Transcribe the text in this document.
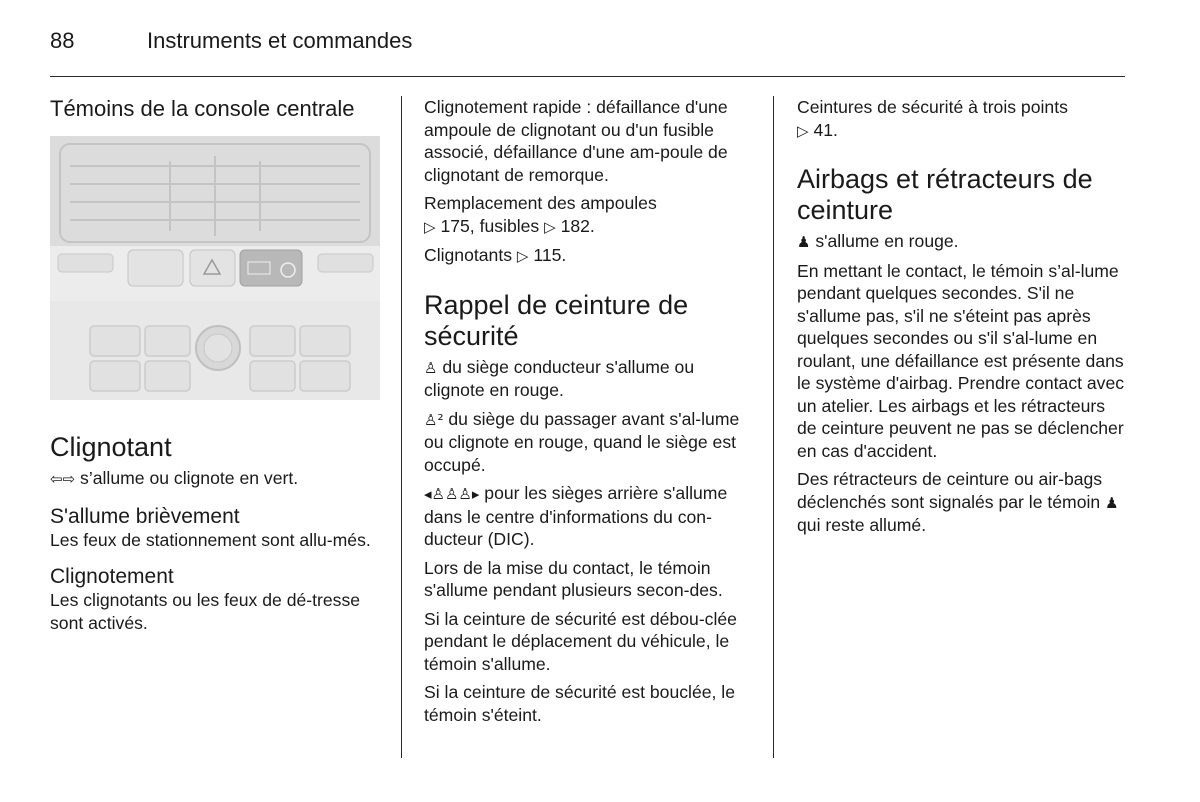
88	Instruments et commandes
Témoins de la console centrale
Clignotant

⇦⇨ s’allume ou clignote en vert.

S'allume brièvement

Les feux de stationnement sont allu-més.

Clignotement

Les clignotants ou les feux de dé-tresse sont activés.

Clignotement rapide : défaillance d'une ampoule de clignotant ou d'un fusible associé, défaillance d'une am-poule de clignotant de remorque.

Remplacement des ampoules
▷ 175, fusibles ▷ 182.

Clignotants ▷ 115.

Rappel de ceinture de sécurité

♙ du siège conducteur s'allume ou clignote en rouge.

♙² du siège du passager avant s'al-lume ou clignote en rouge, quand le siège est occupé.

◂♙♙♙▸ pour les sièges arrière s'allume dans le centre d'informations du con-ducteur (DIC).

Lors de la mise du contact, le témoin s'allume pendant plusieurs secon-des.

Si la ceinture de sécurité est débou-clée pendant le déplacement du véhicule, le témoin s'allume.

Si la ceinture de sécurité est bouclée, le témoin s'éteint.

Ceintures de sécurité à trois points
▷ 41.

Airbags et rétracteurs de ceinture

♟ s'allume en rouge.

En mettant le contact, le témoin s’al-lume pendant quelques secondes. S'il ne s'allume pas, s'il ne s'éteint pas après quelques secondes ou s'il s'al-lume en roulant, une défaillance est présente dans le système d'airbag. Prendre contact avec un atelier. Les airbags et les rétracteurs de ceinture peuvent ne pas se déclencher en cas d'accident.

Des rétracteurs de ceinture ou air-bags déclenchés sont signalés par le témoin ♟ qui reste allumé.
